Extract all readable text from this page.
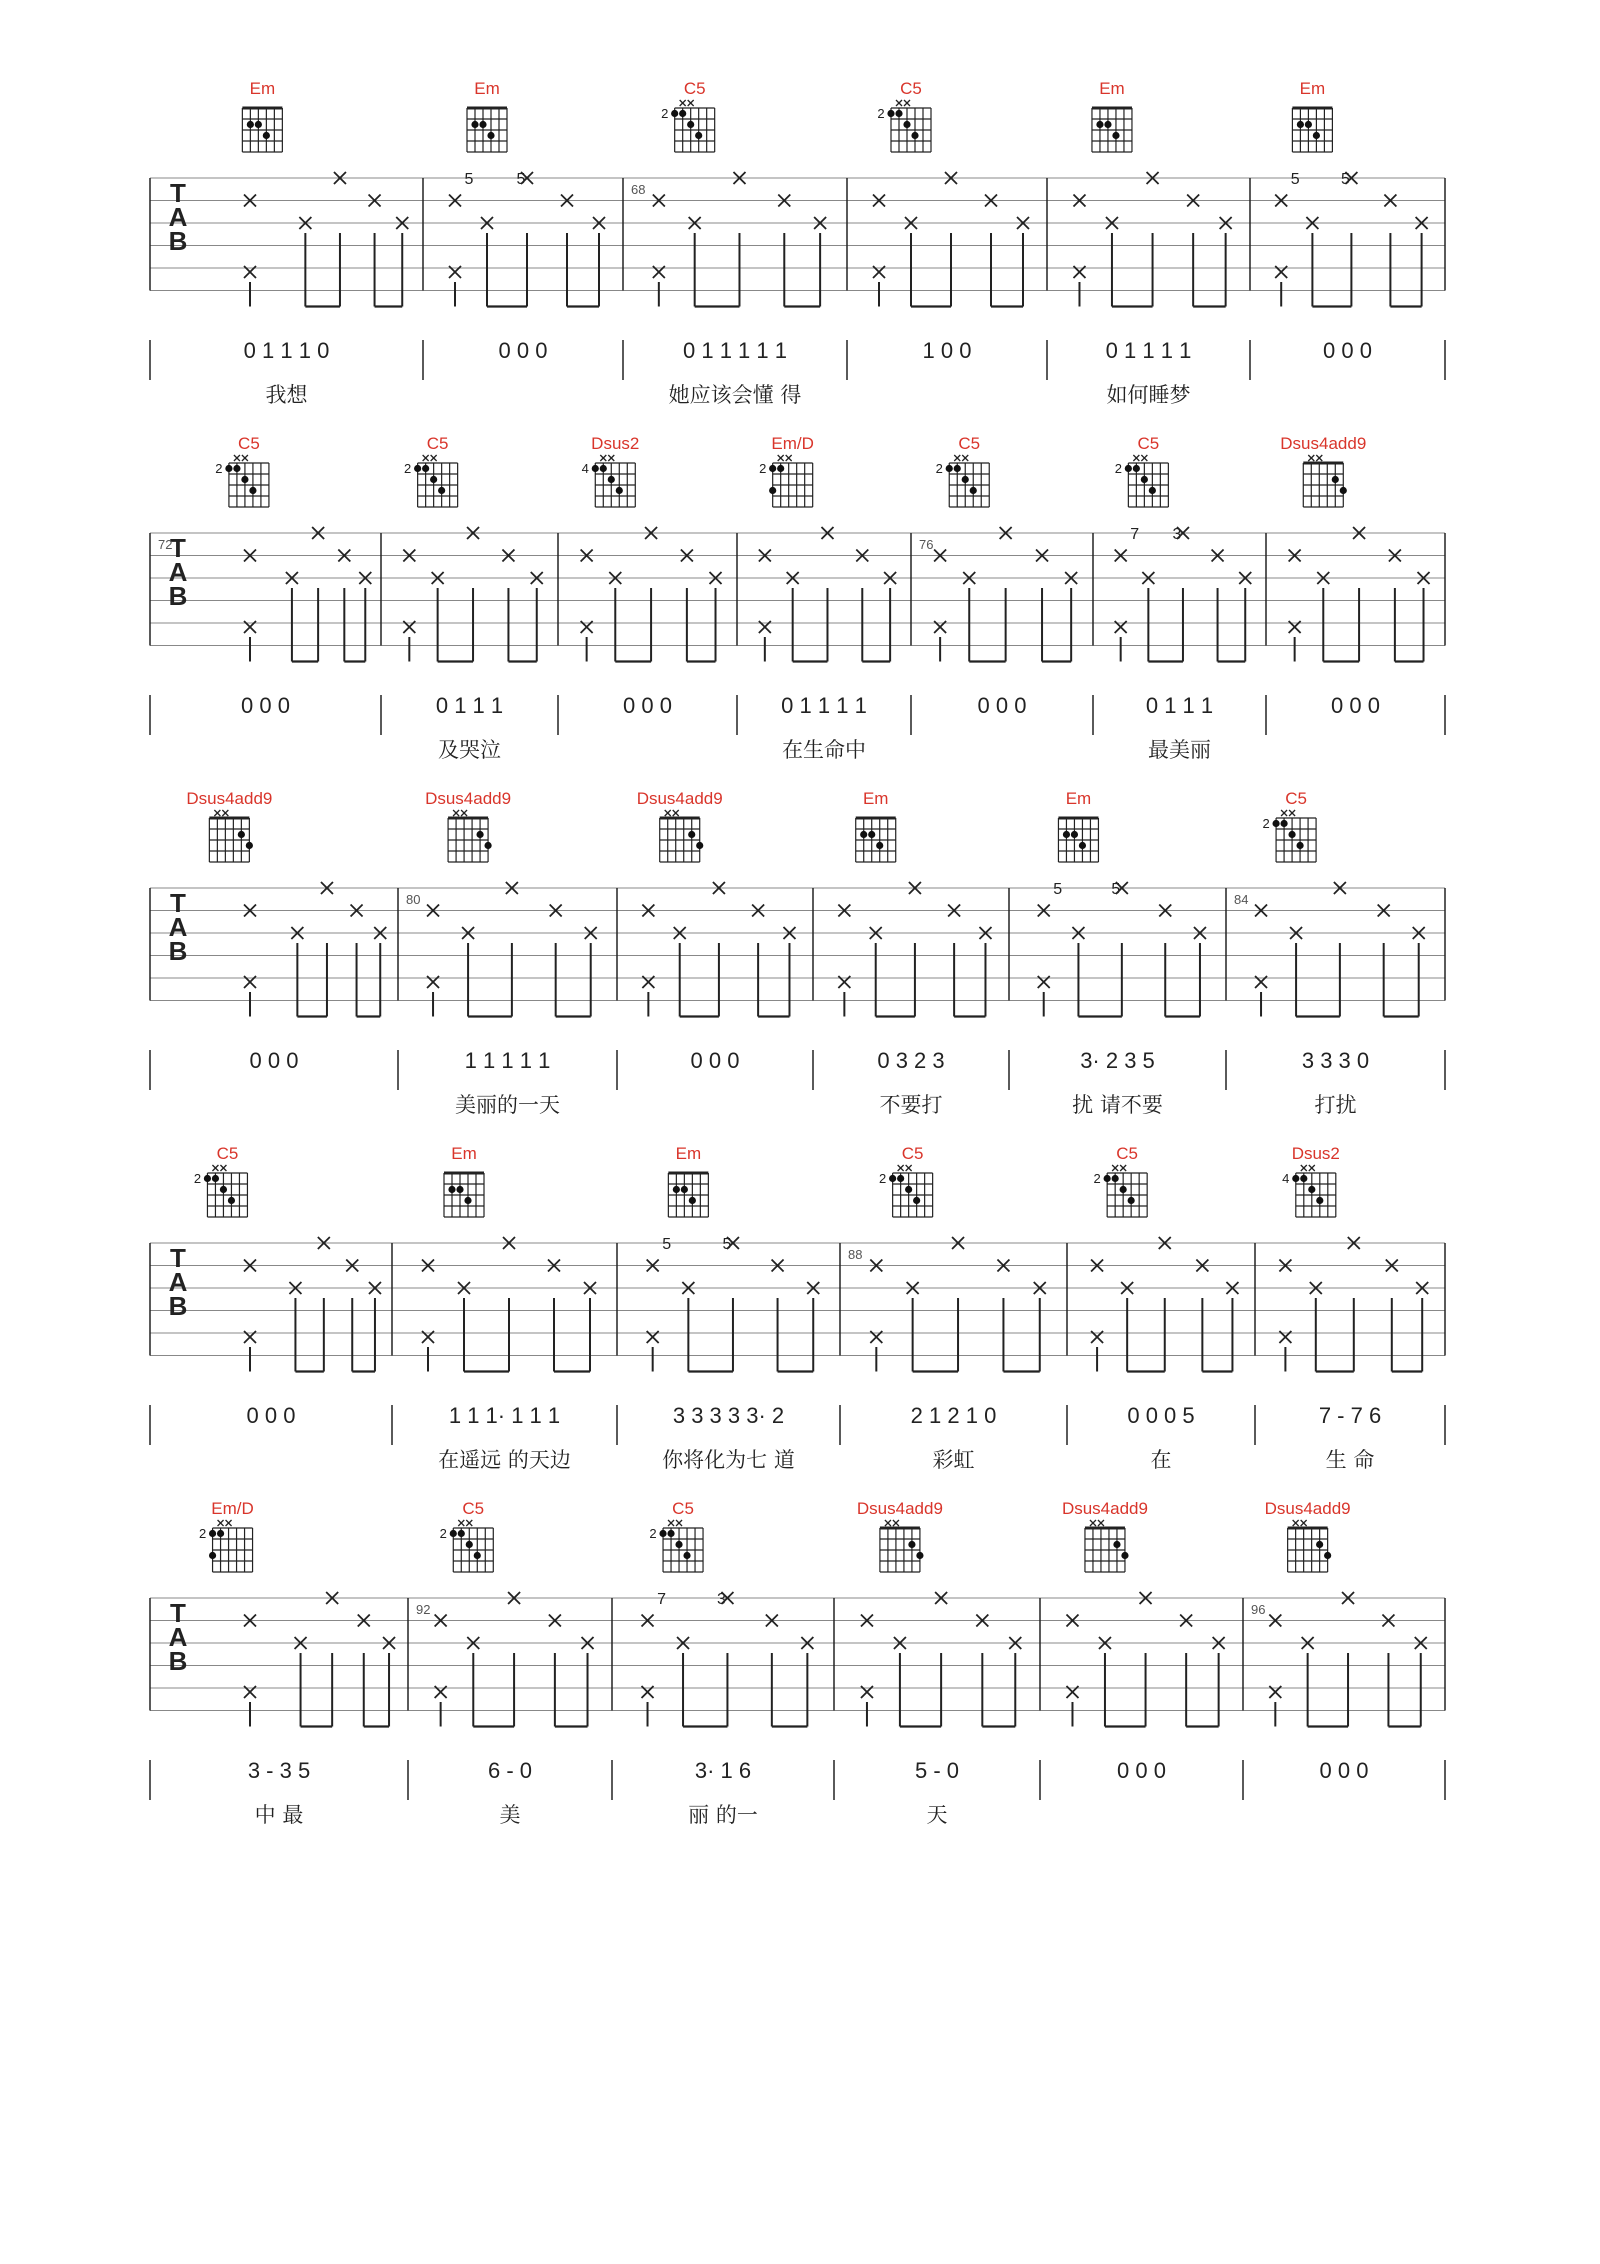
T
A
B
Em
0 1 1 1 0
我想
Em
5	5
0 0 0
C5
2
68
0 1 1 1 1 1
她应该会懂 得
C5
2
1 0 0
Em
0 1 1 1 1
如何睡梦
Em
5	5
0 0 0
T
A
B
C5
2
72
0 0 0
C5
2
0 1 1 1
及哭泣
Dsus2
4
0 0 0
Em/D
2
0 1 1 1 1
在生命中
C5
2
76
0 0 0
C5
2
7 3
0 1 1 1
最美丽
Dsus4add9
0 0 0
T
A
B
Dsus4add9
0 0 0
Dsus4add9
80
1 1 1 1 1
美丽的一天
Dsus4add9
0 0 0
Em
0 3 2 3
不要打
Em
5	5
3· 2 3 5
扰 请不要
C5
2
84
3 3 3 0
打扰
T
A
B
C5
2
0 0 0
Em
1 1 1· 1 1 1
在遥远 的天边
Em
5	5
3 3 3 3 3· 2
你将化为七 道
C5
2
88
2 1 2 1 0
彩虹
C5
2
0 0 0 5
在
Dsus2
4
7 - 7 6
生 命
T
A
B
Em/D
2
3 - 3 5
中 最
C5
2
92
6 - 0
美
C5
2
7	3
3· 1 6
丽 的一
Dsus4add9
5 - 0
天
Dsus4add9
0 0 0
Dsus4add9
96
0 0 0
